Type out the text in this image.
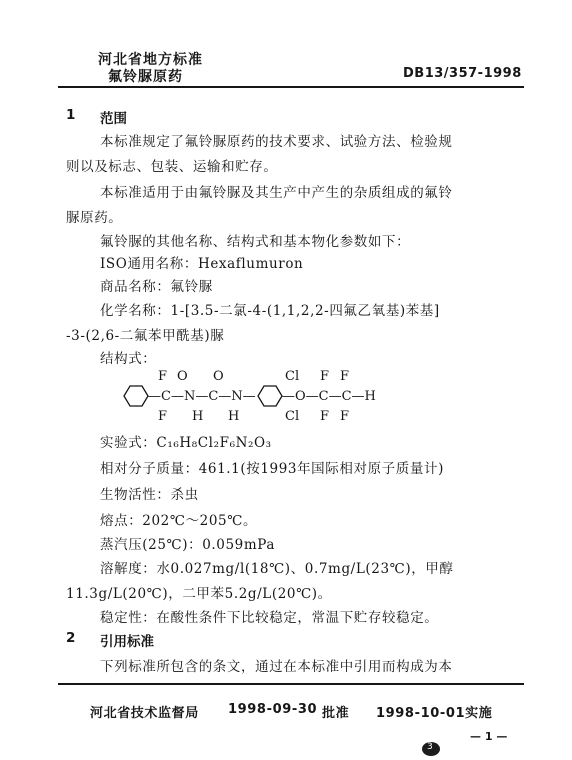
河北省地方标准
氟铃脲原药	DB13/357-1998
1 范围
本标准规定了氟铃脲原药的技术要求、试验方法、检验规
则以及标志、包装、运输和贮存。
本标准适用于由氟铃脲及其生产中产生的杂质组成的氟铃
脲原药。
氟铃脲的其他名称、结构式和基本物化参数如下：
ISO通用名称：Hexaflumuron
商品名称：氟铃脲
化学名称：1-[3.5-二氯-4-(1,1,2,2-四氟乙氧基)苯基]
-3-(2,6-二氟苯甲酰基)脲
结构式：
F O O	Cl F F
—C—N—C—N— —O—C—C—H
F H H	Cl F F
实验式：C₁₆H₈Cl₂F₆N₂O₃
相对分子质量：461.1(按1993年国际相对原子质量计)
生物活性：杀虫
熔点：202℃～205℃。
蒸汽压(25℃)：0.059mPa
溶解度：水0.027mg/l(18℃)、0.7mg/L(23℃)，甲醇
11.3g/L(20℃)，二甲苯5.2g/L(20℃)。
稳定性：在酸性条件下比较稳定，常温下贮存较稳定。
2 引用标准
下列标准所包含的条文，通过在本标准中引用而构成为本
河北省技术监督局 1998-09-30 批准 1998-10-01实施
— 1 —
3
